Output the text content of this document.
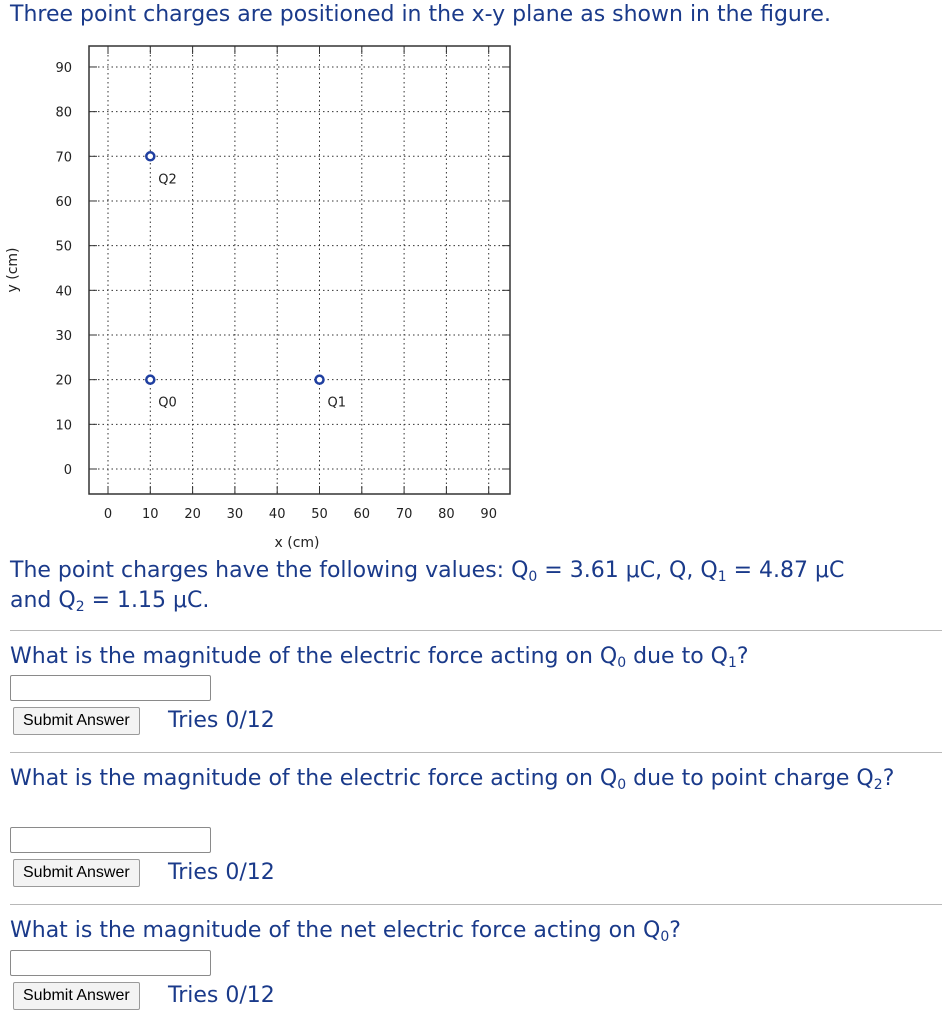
Three point charges are positioned in the x-y plane as shown in the figure.
0
10
20
30
40
50
60
70
80
90
0 10 20 30 40 50 60 70 80 90
Q0	Q1
Q2
x (cm)
y (cm)
The point charges have the following values: $Q_0 = 3.61$ μC, Q, $Q_1 = 4.87$ μC
and $Q_2 = 1.15$ μC.
What is the magnitude of the electric force acting on $Q_0$ due to $Q_1$?
Submit Answer	Tries 0/12
What is the magnitude of the electric force acting on $Q_0$ due to point charge $Q_2$?
Submit Answer	Tries 0/12
What is the magnitude of the net electric force acting on $Q_0$?
Submit Answer	Tries 0/12
